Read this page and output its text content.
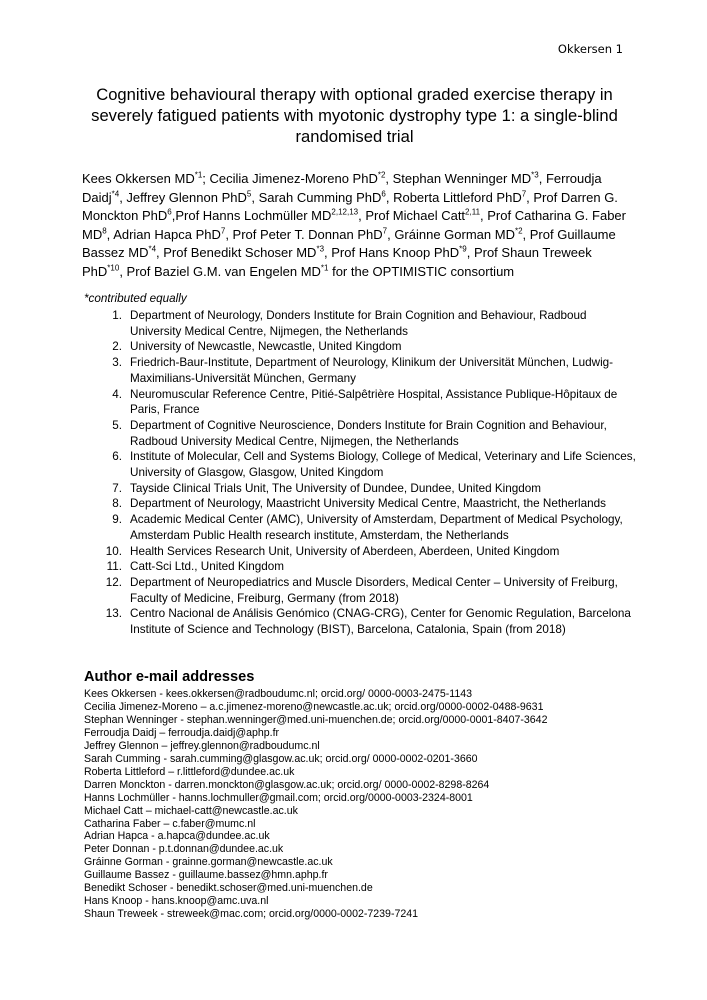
Okkersen 1
Cognitive behavioural therapy with optional graded exercise therapy in severely fatigued patients with myotonic dystrophy type 1: a single-blind randomised trial
Kees Okkersen MD$^{*1}$; Cecilia Jimenez-Moreno PhD$^{*2}$, Stephan Wenninger MD$^{*3}$, Ferroudja Daidj$^{*4}$, Jeffrey Glennon PhD$^5$, Sarah Cumming PhD$^6$, Roberta Littleford PhD$^7$, Prof Darren G. Monckton PhD$^6$,Prof Hanns Lochmüller MD$^{2,12,13}$, Prof Michael Catt$^{2,11}$, Prof Catharina G. Faber $MD^8$, Adrian Hapca PhD$^7$, Prof Peter T. Donnan PhD$^7$, Gráinne Gorman MD$^{*2}$, Prof Guillaume Bassez MD$^{*4}$, Prof Benedikt Schoser MD$^{*3}$, Prof Hans Knoop PhD$^{*9}$, Prof Shaun Treweek PhD$^{*10}$, Prof Baziel G.M. van Engelen MD$^{*1}$ for the OPTIMISTIC consortium
*contributed equally
1. Department of Neurology, Donders Institute for Brain Cognition and Behaviour, Radboud University Medical Centre, Nijmegen, the Netherlands
2. University of Newcastle, Newcastle, United Kingdom
3. Friedrich-Baur-Institute, Department of Neurology, Klinikum der Universität München, Ludwig-Maximilians-Universität München, Germany
4. Neuromuscular Reference Centre, Pitié-Salpêtrière Hospital, Assistance Publique-Hôpitaux de Paris, France
5. Department of Cognitive Neuroscience, Donders Institute for Brain Cognition and Behaviour, Radboud University Medical Centre, Nijmegen, the Netherlands
6. Institute of Molecular, Cell and Systems Biology, College of Medical, Veterinary and Life Sciences, University of Glasgow, Glasgow, United Kingdom
7. Tayside Clinical Trials Unit, The University of Dundee, Dundee, United Kingdom
8. Department of Neurology, Maastricht University Medical Centre, Maastricht, the Netherlands
9. Academic Medical Center (AMC), University of Amsterdam, Department of Medical Psychology, Amsterdam Public Health research institute, Amsterdam, the Netherlands
10. Health Services Research Unit, University of Aberdeen, Aberdeen, United Kingdom
11. Catt-Sci Ltd., United Kingdom
12. Department of Neuropediatrics and Muscle Disorders, Medical Center – University of Freiburg, Faculty of Medicine, Freiburg, Germany (from 2018)
13. Centro Nacional de Análisis Genómico (CNAG-CRG), Center for Genomic Regulation, Barcelona Institute of Science and Technology (BIST), Barcelona, Catalonia, Spain (from 2018)
Author e-mail addresses
Kees Okkersen - kees.okkersen@radboudumc.nl; orcid.org/ 0000-0003-2475-1143
Cecilia Jimenez-Moreno – a.c.jimenez-moreno@newcastle.ac.uk; orcid.org/0000-0002-0488-9631
Stephan Wenninger - stephan.wenninger@med.uni-muenchen.de; orcid.org/0000-0001-8407-3642
Ferroudja Daidj – ferroudja.daidj@aphp.fr
Jeffrey Glennon – jeffrey.glennon@radboudumc.nl
Sarah Cumming - sarah.cumming@glasgow.ac.uk; orcid.org/ 0000-0002-0201-3660
Roberta Littleford – r.littleford@dundee.ac.uk
Darren Monckton - darren.monckton@glasgow.ac.uk; orcid.org/ 0000-0002-8298-8264
Hanns Lochmüller - hanns.lochmuller@gmail.com; orcid.org/0000-0003-2324-8001
Michael Catt – michael-catt@newcastle.ac.uk
Catharina Faber – c.faber@mumc.nl
Adrian Hapca - a.hapca@dundee.ac.uk
Peter Donnan - p.t.donnan@dundee.ac.uk
Gráinne Gorman - grainne.gorman@newcastle.ac.uk
Guillaume Bassez - guillaume.bassez@hmn.aphp.fr
Benedikt Schoser - benedikt.schoser@med.uni-muenchen.de
Hans Knoop - hans.knoop@amc.uva.nl
Shaun Treweek - streweek@mac.com; orcid.org/0000-0002-7239-7241
